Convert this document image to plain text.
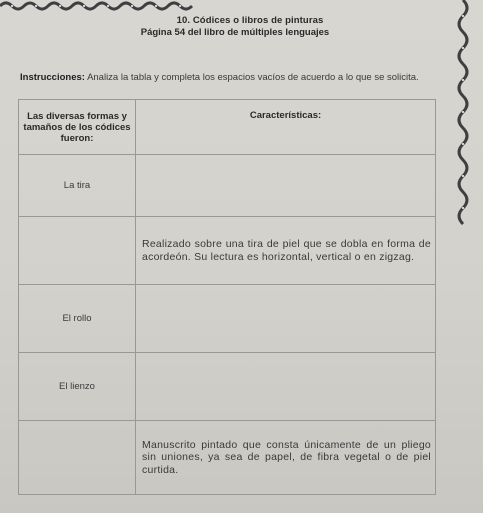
10. Códices o libros de pinturas
Página 54 del libro de múltiples lenguajes
Instrucciones: Analiza la tabla y completa los espacios vacíos de acuerdo a lo que se solicita.
Las diversas formas y tamaños de los códices fueron:	Características:
La tira	
	Realizado sobre una tira de piel que se dobla en forma de acordeón. Su lectura es horizontal, vertical o en zigzag.
El rollo	
El lienzo	
	Manuscrito pintado que consta únicamente de un pliego sin uniones, ya sea de papel, de fibra vegetal o de piel curtida.
